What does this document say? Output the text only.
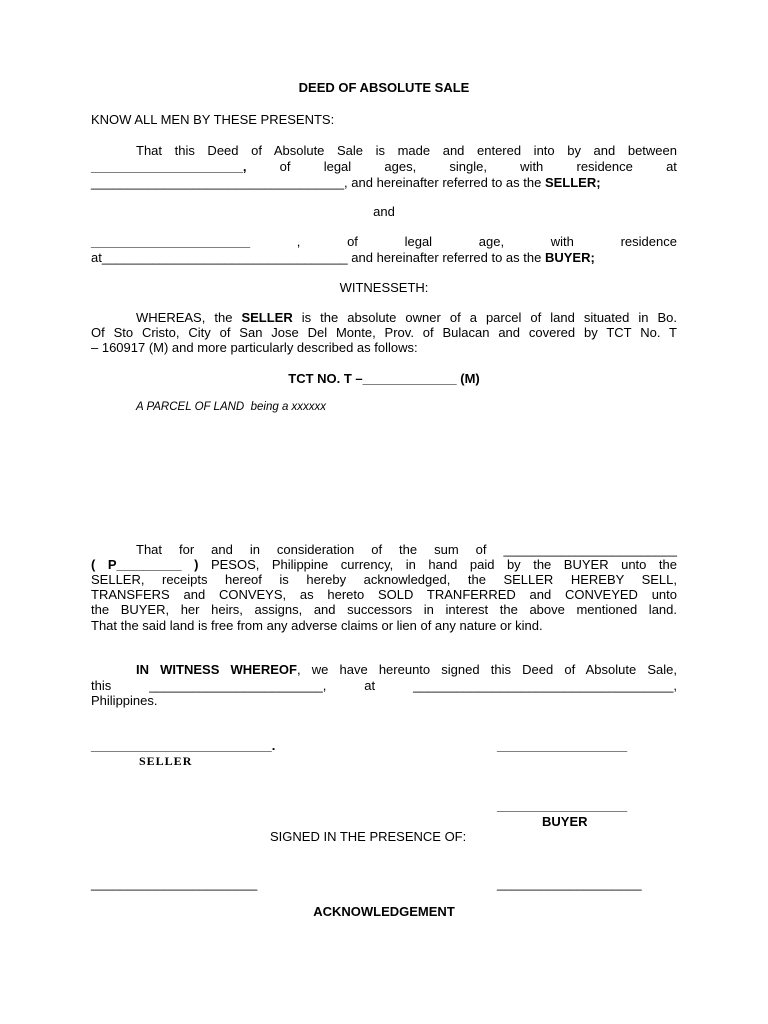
DEED OF ABSOLUTE SALE
KNOW ALL MEN BY THESE PRESENTS:
That this Deed of Absolute Sale is made and entered into by and between
_____________________,	of	legal	ages,	single,	with	residence	at
___________________________________, and hereinafter referred to as the SELLER;
and
______________________	,	of	legal	age,	with	residence
at__________________________________ and hereinafter referred to as the BUYER;
WITNESSETH:
WHEREAS, the SELLER is the absolute owner of a parcel of land situated in Bo.
Of Sto Cristo, City of San Jose Del Monte, Prov. of Bulacan and covered by TCT No. T
– 160917 (M) and more particularly described as follows:
TCT NO. T –_____________ (M)
A PARCEL OF LAND  being a xxxxxx
That for and in consideration of the sum of ________________________
( P_________ ) PESOS, Philippine currency, in hand paid by the BUYER unto the
SELLER, receipts hereof is hereby acknowledged, the SELLER HEREBY SELL,
TRANSFERS and CONVEYS, as hereto SOLD TRANFERRED and CONVEYED unto
the BUYER, her heirs, assigns, and successors in interest the above mentioned land.
That the said land is free from any adverse claims or lien of any nature or kind.
IN WITNESS WHEREOF, we have hereunto signed this Deed of Absolute Sale,
this ________________________, at ____________________________________,
Philippines.
_________________________.
SELLER
__________________
__________________
BUYER
SIGNED IN THE PRESENCE OF:
_______________________	____________________
ACKNOWLEDGEMENT
